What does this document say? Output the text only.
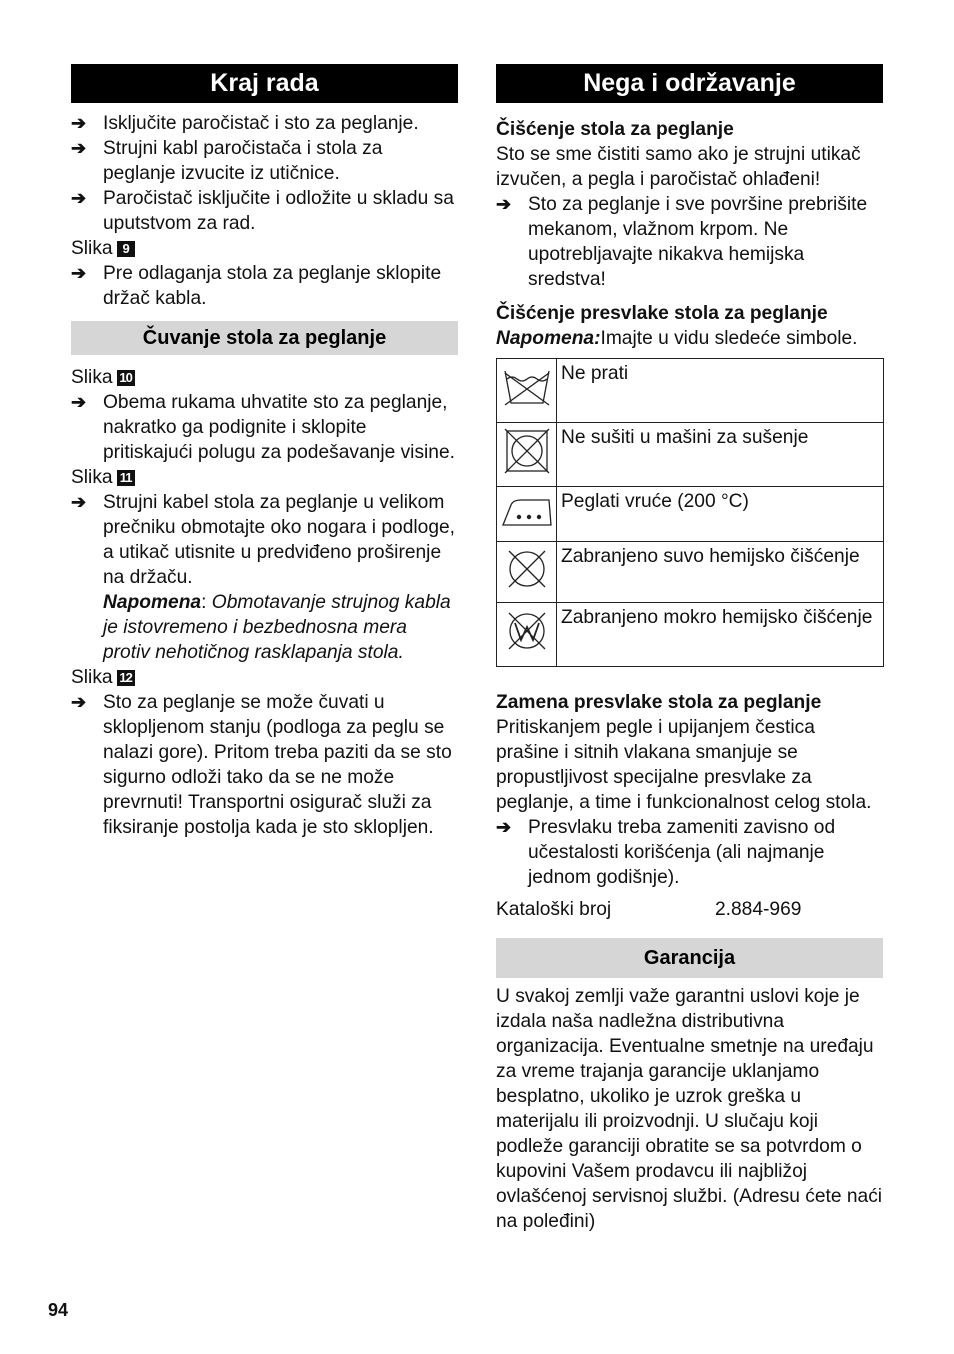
Kraj rada

➔ Isključite paročistač i sto za peglanje.

➔ Strujni kabl paročistača i stola za peglanje izvucite iz utičnice.

➔ Paročistač isključite i odložite u skladu sa uputstvom za rad.

Slika 9

➔ Pre odlaganja stola za peglanje sklopite držač kabla.

Čuvanje stola za peglanje

Slika 10

➔ Obema rukama uhvatite sto za peglanje, nakratko ga podignite i sklopite pritiskajući polugu za podešavanje visine.

Slika 11

➔ Strujni kabel stola za peglanje u velikom prečniku obmotajte oko nogara i podloge, a utikač utisnite u predviđeno proširenje na držaču.

Napomena: Obmotavanje strujnog kabla je istovremeno i bezbednosna mera protiv nehotičnog rasklapanja stola.

Slika 12

➔ Sto za peglanje se može čuvati u sklopljenom stanju (podloga za peglu se nalazi gore). Pritom treba paziti da se sto sigurno odloži tako da se ne može prevrnuti! Transportni osigurač služi za fiksiranje postolja kada je sto sklopljen.

Nega i održavanje

Čišćenje stola za peglanje

Sto se sme čistiti samo ako je strujni utikač izvučen, a pegla i paročistač ohlađeni!

➔ Sto za peglanje i sve površine prebrišite mekanom, vlažnom krpom. Ne upotrebljavajte nikakva hemijska sredstva!

Čišćenje presvlake stola za peglanje

Napomena:Imajte u vidu sledeće simbole.

	Ne prati
	Ne sušiti u mašini za sušenje
	Peglati vruće (200 °C)
	Zabranjeno suvo hemijsko čišćenje
	Zabranjeno mokro hemijsko čišćenje

Zamena presvlake stola za peglanje

Pritiskanjem pegle i upijanjem čestica prašine i sitnih vlakana smanjuje se propustljivost specijalne presvlake za peglanje, a time i funkcionalnost celog stola.

➔ Presvlaku treba zameniti zavisno od učestalosti korišćenja (ali najmanje jednom godišnje).

Kataloški broj	2.884-969

Garancija

U svakoj zemlji važe garantni uslovi koje je izdala naša nadležna distributivna organizacija. Eventualne smetnje na uređaju za vreme trajanja garancije uklanjamo besplatno, ukoliko je uzrok greška u materijalu ili proizvodnji. U slučaju koji podleže garanciji obratite se sa potvrdom o kupovini Vašem prodavcu ili najbližoj ovlašćenoj servisnoj službi. (Adresu ćete naći na poleđini)

94
